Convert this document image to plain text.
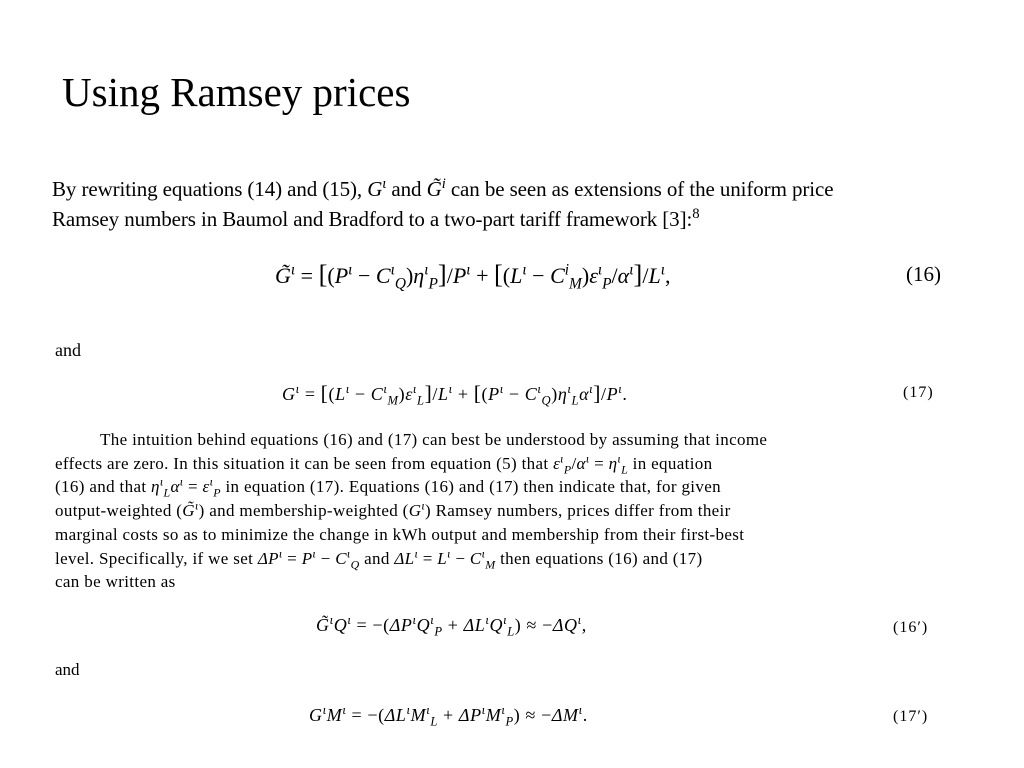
Using Ramsey prices
By rewriting equations (14) and (15), $G^\iota$ and G̃$^i$ can be seen as extensions of the uniform price
Ramsey numbers in Baumol and Bradford to a two-part tariff framework [3]:$^8$
G̃$^\iota$ = $[(P^\iota - C^\iota_Q)\eta^\iota_P]/P^\iota + [(L^\iota - C^i_M)\varepsilon^\iota_P/\alpha^\iota]/L^\iota$,	(16)
and
$G^\iota = [(L^\iota - C^\iota_M)\varepsilon^\iota_L]/L^\iota + [(P^\iota - C^\iota_Q)\eta^\iota_L\alpha^\iota]/P^\iota$.	(17)
The intuition behind equations (16) and (17) can best be understood by assuming that income
effects are zero. In this situation it can be seen from equation (5) that $\varepsilon^\iota_P/\alpha^\iota = \eta^\iota_L$ in equation
(16) and that $\eta^\iota_L\alpha^\iota = \varepsilon^\iota_P$ in equation (17). Equations (16) and (17) then indicate that, for given
output-weighted (G̃$^\iota$) and membership-weighted $(G^\iota)$ Ramsey numbers, prices differ from their
marginal costs so as to minimize the change in kWh output and membership from their first-best
level. Specifically, if we set $\Delta P^\iota = P^\iota - C^\iota_Q$ and $\Delta L^\iota = L^\iota - C^\iota_M$ then equations (16) and (17)
can be written as
$G̃^\iota Q^\iota = -(\Delta P^\iota Q^\iota_P + \Delta L^\iota Q^\iota_L) \approx -\Delta Q^\iota$,	(16′)
and
$G^\iota M^\iota = -(\Delta L^\iota M^\iota_L + \Delta P^\iota M^\iota_P) \approx -\Delta M^\iota$.	(17′)
